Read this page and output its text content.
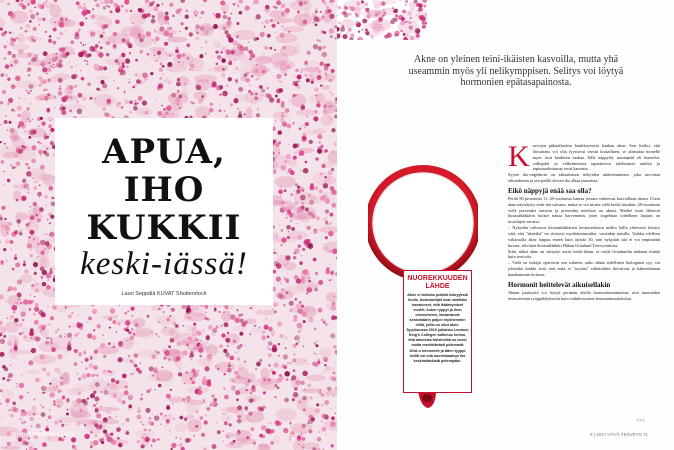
APUA,
IHO
KUKKII
keski-iässä!
Lauri Seppälä KUVAT Shutterstock
70 HYVÄ TERVEYS 9 | 2017
NUOREKKUUDEN LÄHDE
Akne ei tarkoita pelkkiä ikävyyksiä iholla. Asiantuntijat ovat nimittäin havainneet, että ikääntymiset merkit, kuten ryppyt ja ihon oheneminen, ilmaantuvat keskimäärin paljon myöhemmin niillä, joilla on ollut akne. Syyskuussa 2016 julkaistu Lontoon King's Collegen tutkimus kertoo, että akneesta kärsineillä on usein muita merkittävästi pidemmät DNA:n telomeerit ja täten tyyppi heillä voi olla nuorekkaampi iho keskimääräistä pidempään.
Akne on yleinen teini-ikäisten kasvoilla, mutta yhä useammin myös yli nelikymppisen. Selitys voi löytyä hormonien epätasapainosta.

Kasvojen pitkäaikaisiin kuukkaveisiin kauhau akne. Sen lisäksi, että ihosairaus voi olla fyysisesti varsin kiusallinen, se aiheuttaa monelle myös ison henkisen taakan. Sillä näppylät, mustapäät eli komedot, valkopäät ja valkeimmissa tapauksissa tulehtuneet ontelot ja arpimuodostumat eivät kaunista.

Syynä iho-ongelmiin on taltaaihasen tiehyiden tukkeutuminen, joka turvottaa talirauhasen ja sen päällä olevan iho alkaa punoittaa.

Eikö näppyjä enää saa olla?

Peräti 80 prosenttia 11–30-vuotiaista kantaa jossain vaiheessa kasvoillaan aknea. Usein akne näyttäytyy teini-iän vaivana, mutta se voi nivata vielä keski-iässäkin. 40-vuotiaista vielä prosenttia naisista ja prosenttia miehistä on aknea. Miehet tosin lähtevät ihotautilääkärin luokse naisia harvemmin, joten ongelman todellinen laajuus on arvailujen varassa.

– Nykyään valittavat ihotautilääkärien keskusteluissa melko lailla yhteisesti käsitys siitä, että "akneikä" on siirtynyt myöhäisemmäksi, varsinkin naisilla. Vaikka edelleen valtaosalla akne loppuu ennen kuin täyttää 30, nim nykyään sitä ei voi empimättä kuvata, selvittää ihotautilääkäri Håkan Granlund Terveystalosta.

Siitä, miksi akne on siirtynyt myös keski-ikään, ei voida Granlundin mukaan esittää kuin teorioita.

– Vielä on tutkijat epäröivät sen suhteen, onko tähän todellinen biologinen syy, vai johtuuko kaikki siitä, että enää ei "suvaita" vähäisiäkin ihovaivaa ja hakeuduttaan hanakammin hoitoon.

Hormonit heittelevät aikuisellakin

Aknen juurisyitä voi löytyä perimän ohella hormonitoiminnasta; niin nuoruuden testosteronin ryöppähdyksestä kuin vaihdevuosien hormonimuutoksista.

>>>
9 | 2017 HYVÄ TERVEYS 71
